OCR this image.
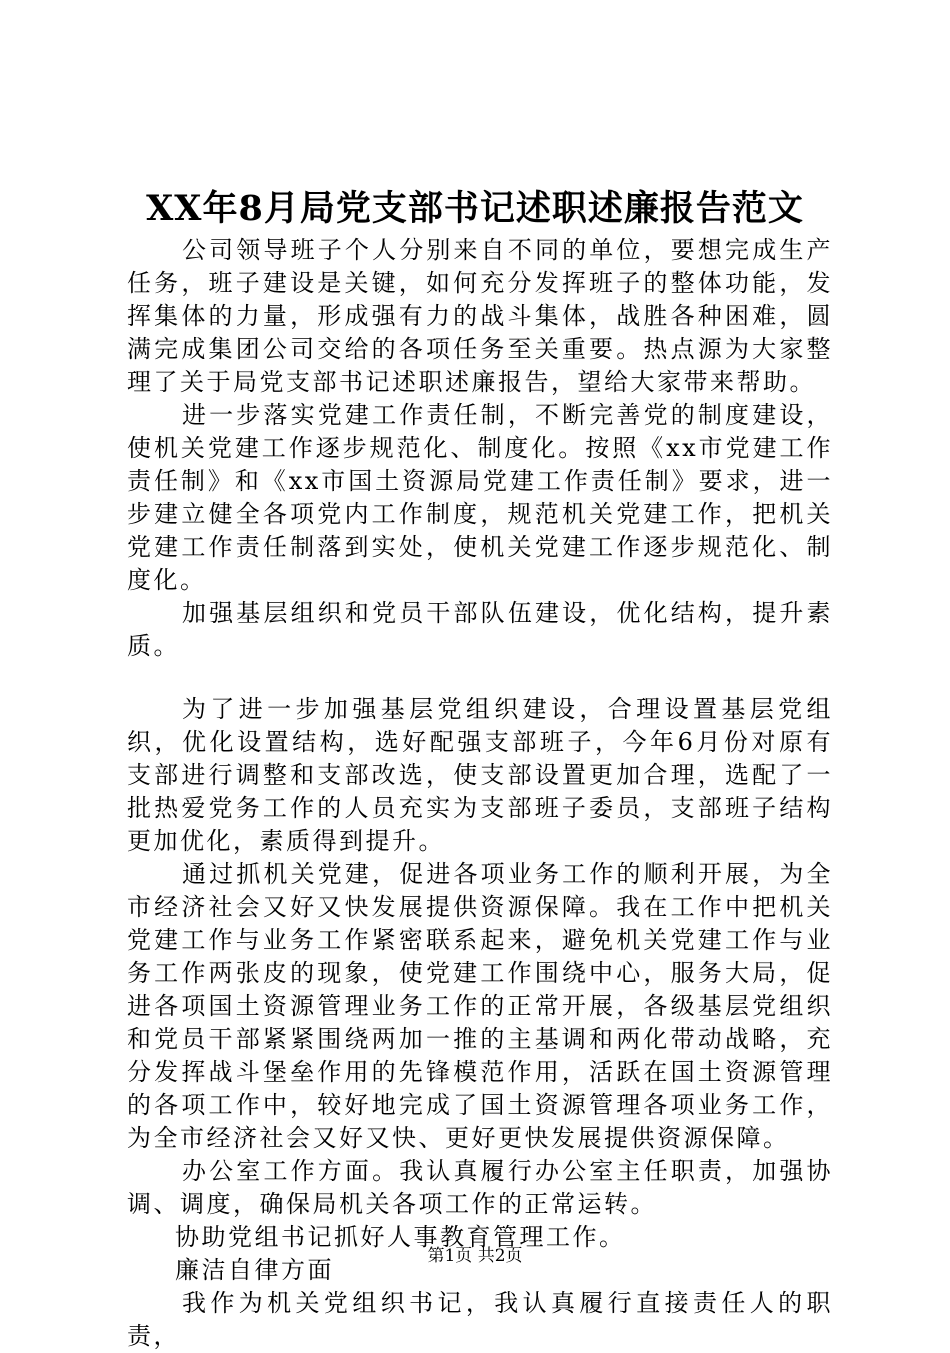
XX年8月局党支部书记述职述廉报告范文

公司领导班子个人分别来自不同的单位，要想完成生产任务，班子建设是关键，如何充分发挥班子的整体功能，发挥集体的力量，形成强有力的战斗集体，战胜各种困难，圆满完成集团公司交给的各项任务至关重要。热点源为大家整理了关于局党支部书记述职述廉报告，望给大家带来帮助。

进一步落实党建工作责任制，不断完善党的制度建设，使机关党建工作逐步规范化、制度化。按照《xx市党建工作责任制》和《xx市国土资源局党建工作责任制》要求，进一步建立健全各项党内工作制度，规范机关党建工作，把机关党建工作责任制落到实处，使机关党建工作逐步规范化、制度化。

加强基层组织和党员干部队伍建设，优化结构，提升素质。

为了进一步加强基层党组织建设，合理设置基层党组织，优化设置结构，选好配强支部班子，今年6月份对原有支部进行调整和支部改选，使支部设置更加合理，选配了一批热爱党务工作的人员充实为支部班子委员，支部班子结构更加优化，素质得到提升。

通过抓机关党建，促进各项业务工作的顺利开展，为全市经济社会又好又快发展提供资源保障。我在工作中把机关党建工作与业务工作紧密联系起来，避免机关党建工作与业务工作两张皮的现象，使党建工作围绕中心，服务大局，促进各项国土资源管理业务工作的正常开展，各级基层党组织和党员干部紧紧围绕两加一推的主基调和两化带动战略，充分发挥战斗堡垒作用的先锋模范作用，活跃在国土资源管理的各项工作中，较好地完成了国土资源管理各项业务工作，为全市经济社会又好又快、更好更快发展提供资源保障。

办公室工作方面。我认真履行办公室主任职责，加强协调、调度，确保局机关各项工作的正常运转。

协助党组书记抓好人事教育管理工作。

廉洁自律方面

我作为机关党组织书记，我认真履行直接责任人的职责，

第1页 共2页
